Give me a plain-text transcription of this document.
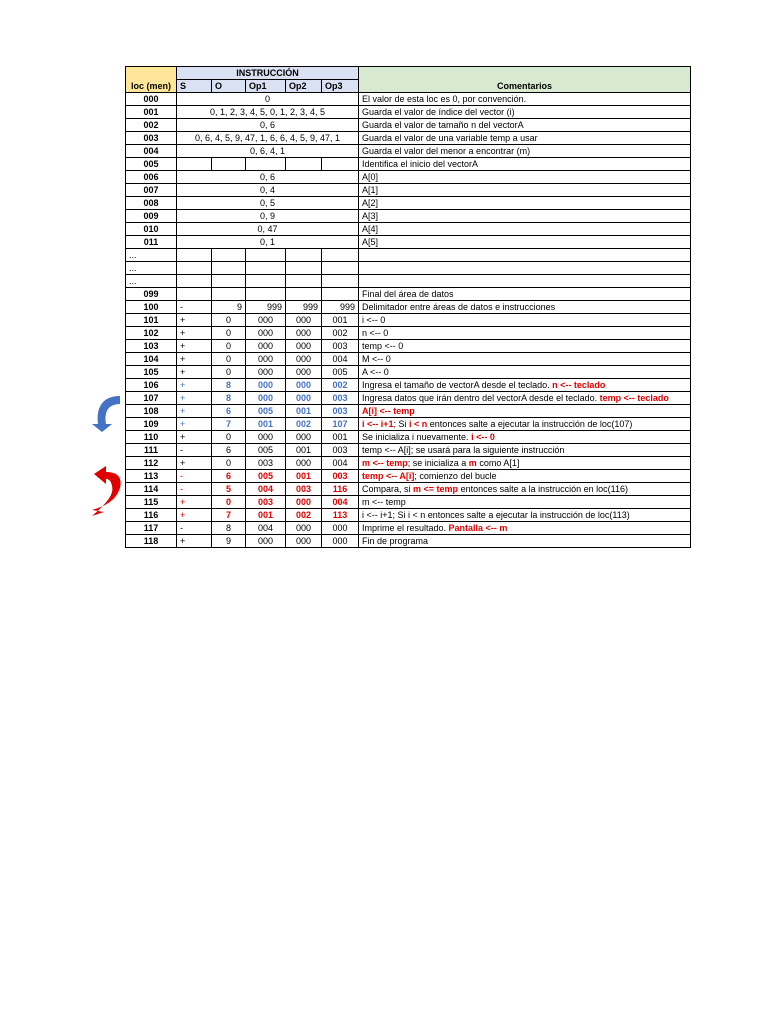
loc (men)	INSTRUCCIÓN					Comentarios
	S	O	Op1	Op2	Op3	
000	0					El valor de esta loc es 0, por convención.
001	0, 1, 2, 3, 4, 5, 0, 1, 2, 3, 4, 5					Guarda el valor de índice del vector (i)
002	0, 6					Guarda el valor de tamaño n del vectorA
003	0, 6, 4, 5, 9, 47, 1, 6, 6, 4, 5, 9, 47, 1					Guarda el valor de una variable temp a usar
004	0, 6, 4, 1					Guarda el valor del menor a encontrar (m)
005						Identifica el inicio del vectorA
006	0, 6					A[0]
007	0, 4					A[1]
008	0, 5					A[2]
009	0, 9					A[3]
010	0, 47					A[4]
011	0, 1					A[5]
...						
...						
...						
099						Final del área de datos
100	-	9	999	999	999	Delimitador entre áreas de datos e instrucciones
101	+	0	000	000	001	i <-- 0
102	+	0	000	000	002	n <-- 0
103	+	0	000	000	003	temp <-- 0
104	+	0	000	000	004	M <-- 0
105	+	0	000	000	005	A <-- 0
106	+	8	000	000	002	Ingresa el tamaño de vectorA desde el teclado. n <-- teclado
107	+	8	000	000	003	Ingresa datos que irán dentro del vectorA desde el teclado. temp <-- teclado
108	+	6	005	001	003	A[i] <-- temp
109	+	7	001	002	107	i <-- i+1; Si i < n entonces salte a ejecutar la instrucción de loc(107)
110	+	0	000	000	001	Se inicializa i nuevamente. i <-- 0
111	-	6	005	001	003	temp <-- A[i]; se usará para la siguiente instrucción
112	+	0	003	000	004	m <-- temp; se inicializa a m como A[1]
113	-	6	005	001	003	temp <-- A[i]; comienzo del bucle
114	-	5	004	003	116	Compara, si m <= temp entonces salte a la instrucción en loc(116)
115	+	0	003	000	004	m <-- temp
116	+	7	001	002	113	i <-- i+1; Si i < n entonces salte a ejecutar la instrucción de loc(113)
117	-	8	004	000	000	Imprime el resultado. Pantalla <-- m
118	+	9	000	000	000	Fin de programa
